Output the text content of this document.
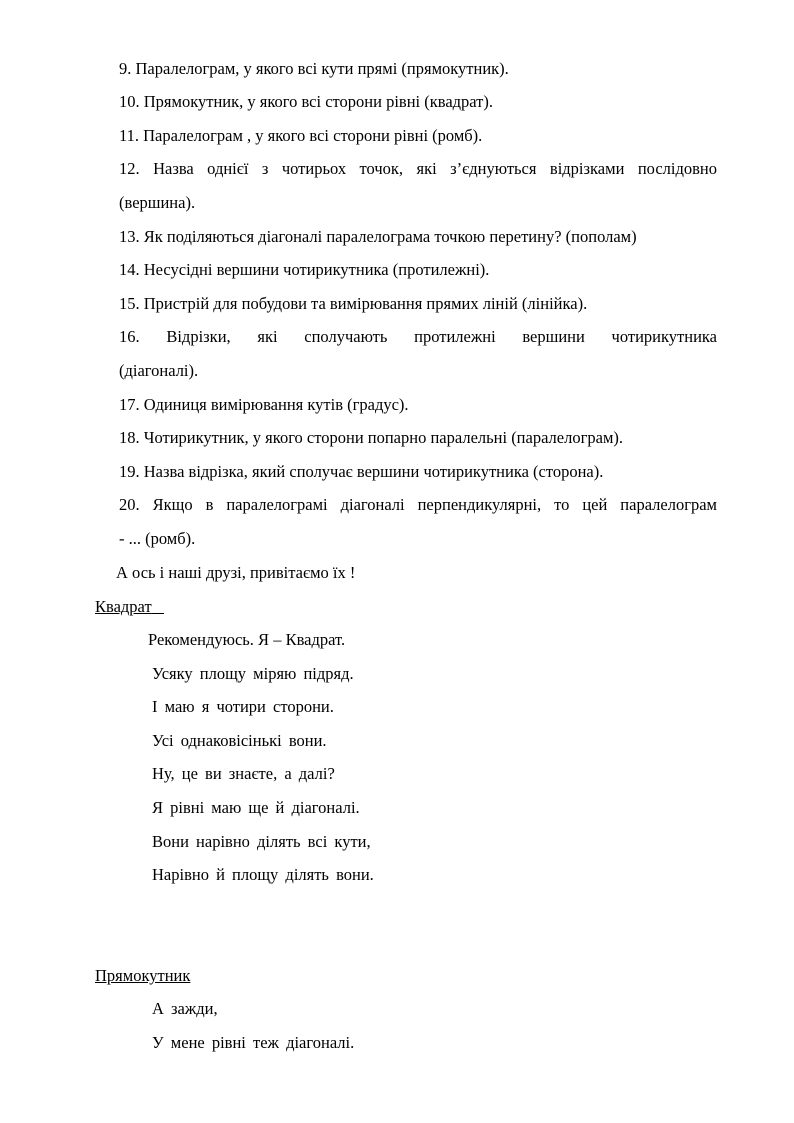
9. Паралелограм, у якого всі кути прямі (прямокутник).
10. Прямокутник, у якого всі сторони рівні (квадрат).
11. Паралелограм , у якого всі сторони рівні (ромб).
12. Назва однієї з чотирьох точок, які з’єднуються відрізками послідовно
(вершина).
13. Як поділяються діагоналі паралелограма точкою перетину? (пополам)
14. Несусідні вершини чотирикутника (протилежні).
15. Пристрій для побудови та вимірювання прямих ліній (лінійка).
16. Відрізки, які сполучають протилежні вершини чотирикутника
(діагоналі).
17. Одиниця вимірювання кутів (градус).
18. Чотирикутник, у якого сторони попарно паралельні (паралелограм).
19. Назва відрізка, який сполучає вершини чотирикутника (сторона).
20. Якщо в паралелограмі діагоналі перпендикулярні, то цей паралелограм
- ... (ромб).
А ось і наші друзі, привітаємо їх !
Квадрат
Рекомендуюсь. Я – Квадрат.
Усяку площу міряю підряд.
І маю я чотири сторони.
Усі однаковісінькі вони.
Ну, це ви знаєте, а далі?
Я рівні маю ще й діагоналі.
Вони нарівно ділять всі кути,
Нарівно й площу ділять вони.
Прямокутник
А зажди,
У мене рівні теж діагоналі.
